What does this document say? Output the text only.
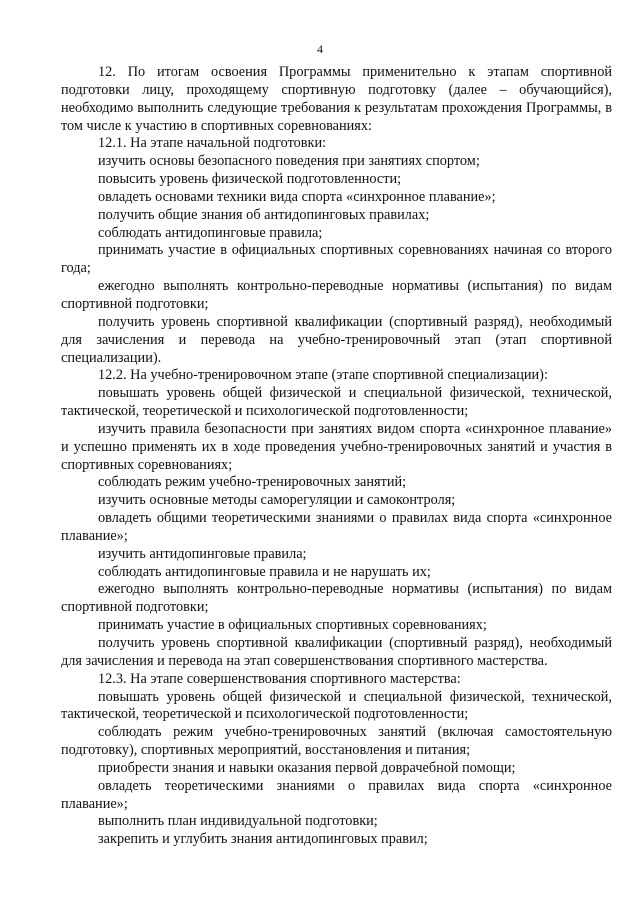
4

12. По итогам освоения Программы применительно к этапам спортивной подготовки лицу, проходящему спортивную подготовку (далее – обучающийся), необходимо выполнить следующие требования к результатам прохождения Программы, в том числе к участию в спортивных соревнованиях:

12.1. На этапе начальной подготовки:

изучить основы безопасного поведения при занятиях спортом;

повысить уровень физической подготовленности;

овладеть основами техники вида спорта «синхронное плавание»;

получить общие знания об антидопинговых правилах;

соблюдать антидопинговые правила;

принимать участие в официальных спортивных соревнованиях начиная со второго года;

ежегодно выполнять контрольно-переводные нормативы (испытания) по видам спортивной подготовки;

получить уровень спортивной квалификации (спортивный разряд), необходимый для зачисления и перевода на учебно-тренировочный этап (этап спортивной специализации).

12.2. На учебно-тренировочном этапе (этапе спортивной специализации):

повышать уровень общей физической и специальной физической, технической, тактической, теоретической и психологической подготовленности;

изучить правила безопасности при занятиях видом спорта «синхронное плавание» и успешно применять их в ходе проведения учебно-тренировочных занятий и участия в спортивных соревнованиях;

соблюдать режим учебно-тренировочных занятий;

изучить основные методы саморегуляции и самоконтроля;

овладеть общими теоретическими знаниями о правилах вида спорта «синхронное плавание»;

изучить антидопинговые правила;

соблюдать антидопинговые правила и не нарушать их;

ежегодно выполнять контрольно-переводные нормативы (испытания) по видам спортивной подготовки;

принимать участие в официальных спортивных соревнованиях;

получить уровень спортивной квалификации (спортивный разряд), необходимый для зачисления и перевода на этап совершенствования спортивного мастерства.

12.3. На этапе совершенствования спортивного мастерства:

повышать уровень общей физической и специальной физической, технической, тактической, теоретической и психологической подготовленности;

соблюдать режим учебно-тренировочных занятий (включая самостоятельную подготовку), спортивных мероприятий, восстановления и питания;

приобрести знания и навыки оказания первой доврачебной помощи;

овладеть теоретическими знаниями о правилах вида спорта «синхронное плавание»;

выполнить план индивидуальной подготовки;

закрепить и углубить знания антидопинговых правил;
